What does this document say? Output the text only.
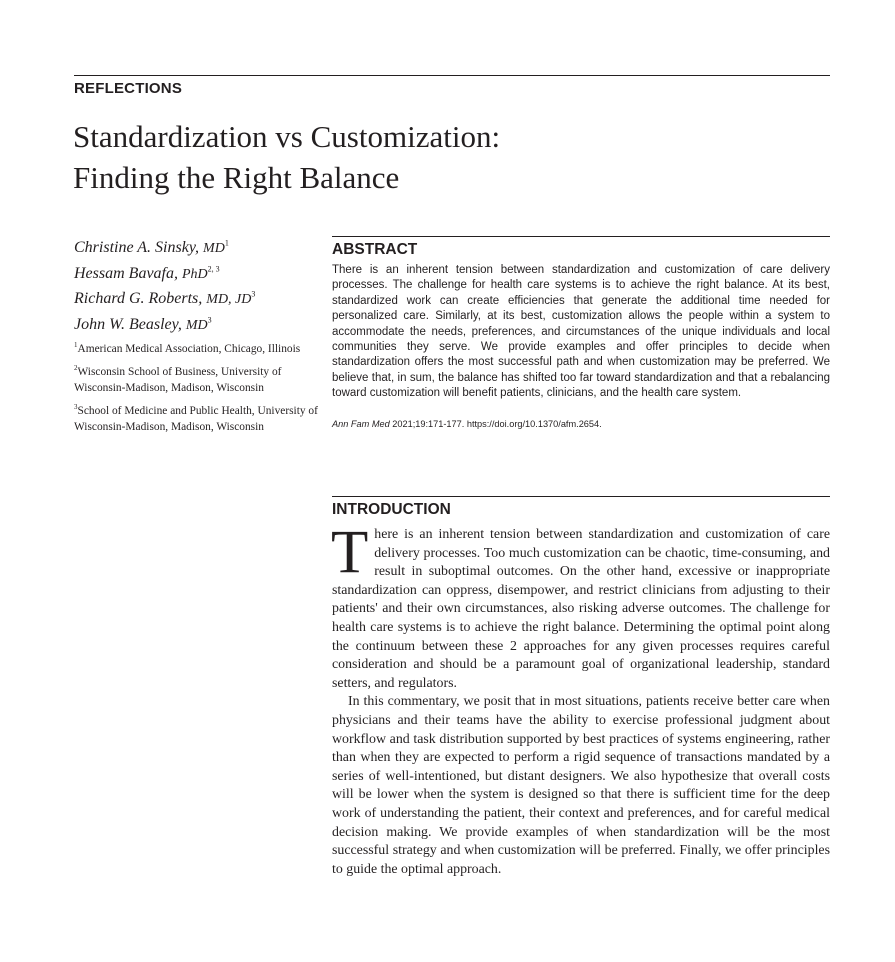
REFLECTIONS
Standardization vs Customization:
Finding the Right Balance
Christine A. Sinsky, $MD^1$
Hessam Bavafa, PhD$^{2, 3}$
Richard G. Roberts, MD, $JD^3$
John W. Beasley, $MD^3$
$^1$American Medical Association, Chicago, Illinois
$^2$Wisconsin School of Business, University of Wisconsin-Madison, Madison, Wisconsin
$^3$School of Medicine and Public Health, University of Wisconsin-Madison, Madison, Wisconsin
ABSTRACT
There is an inherent tension between standardization and customization of care delivery processes. The challenge for health care systems is to achieve the right balance. At its best, standardized work can create efficiencies that generate the additional time needed for personalized care. Similarly, at its best, customization allows the people within a system to accommodate the needs, preferences, and circumstances of the unique individuals and local communities they serve. We provide examples and offer principles to decide when standardization offers the most successful path and when customization may be preferred. We believe that, in sum, the balance has shifted too far toward standardization and that a rebalancing toward customization will benefit patients, clinicians, and the health care system.
Ann Fam Med 2021;19:171-177. https://doi.org/10.1370/afm.2654.
INTRODUCTION

There is an inherent tension between standardization and customization of care delivery processes. Too much customization can be chaotic, time-consuming, and result in suboptimal outcomes. On the other hand, excessive or inappropriate standardization can oppress, disempower, and restrict clinicians from adjusting to their patients' and their own circumstances, also risking adverse outcomes. The challenge for health care systems is to achieve the right balance. Determining the optimal point along the continuum between these 2 approaches for any given processes requires careful consideration and should be a paramount goal of organizational leadership, standard setters, and regulators.

In this commentary, we posit that in most situations, patients receive better care when physicians and their teams have the ability to exercise professional judgment about workflow and task distribution supported by best practices of systems engineering, rather than when they are expected to perform a rigid sequence of transactions mandated by a series of well-intentioned, but distant designers. We also hypothesize that overall costs will be lower when the system is designed so that there is sufficient time for the deep work of understanding the patient, their context and preferences, and for careful medical decision making. We provide examples of when standardization will be the most successful strategy and when customization will be preferred. Finally, we offer principles to guide the optimal approach.
